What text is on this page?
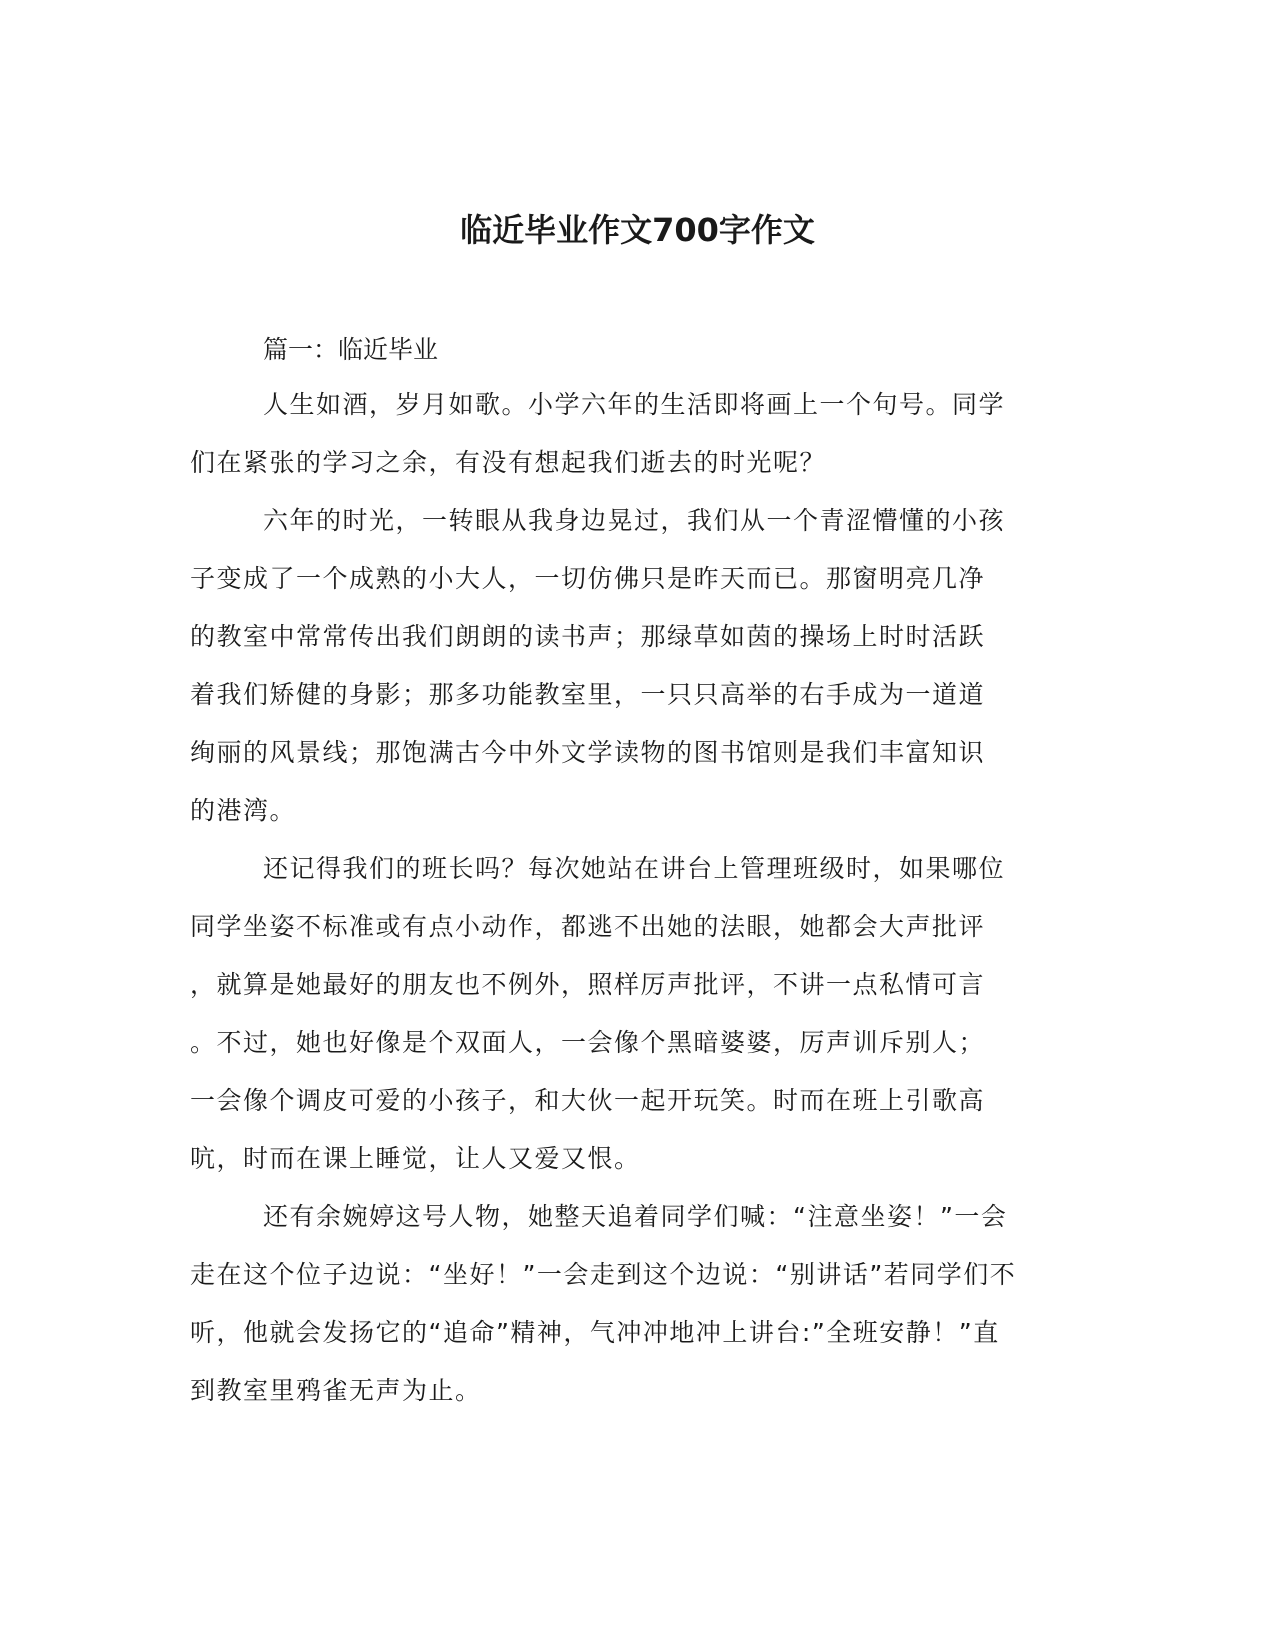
临近毕业作文700字作文

篇一：临近毕业

人生如酒，岁月如歌。小学六年的生活即将画上一个句号。同学

们在紧张的学习之余，有没有想起我们逝去的时光呢？

六年的时光，一转眼从我身边晃过，我们从一个青涩懵懂的小孩

子变成了一个成熟的小大人，一切仿佛只是昨天而已。那窗明亮几净

的教室中常常传出我们朗朗的读书声；那绿草如茵的操场上时时活跃

着我们矫健的身影；那多功能教室里，一只只高举的右手成为一道道

绚丽的风景线；那饱满古今中外文学读物的图书馆则是我们丰富知识

的港湾。

还记得我们的班长吗？每次她站在讲台上管理班级时，如果哪位

同学坐姿不标准或有点小动作，都逃不出她的法眼，她都会大声批评

，就算是她最好的朋友也不例外，照样厉声批评，不讲一点私情可言

。不过，她也好像是个双面人，一会像个黑暗婆婆，厉声训斥别人；

一会像个调皮可爱的小孩子，和大伙一起开玩笑。时而在班上引歌高

吭，时而在课上睡觉，让人又爱又恨。

还有余婉婷这号人物，她整天追着同学们喊：“注意坐姿！”一会

走在这个位子边说：“坐好！”一会走到这个边说：“别讲话”若同学们不

听，他就会发扬它的“追命”精神，气冲冲地冲上讲台:”全班安静！”直

到教室里鸦雀无声为止。
